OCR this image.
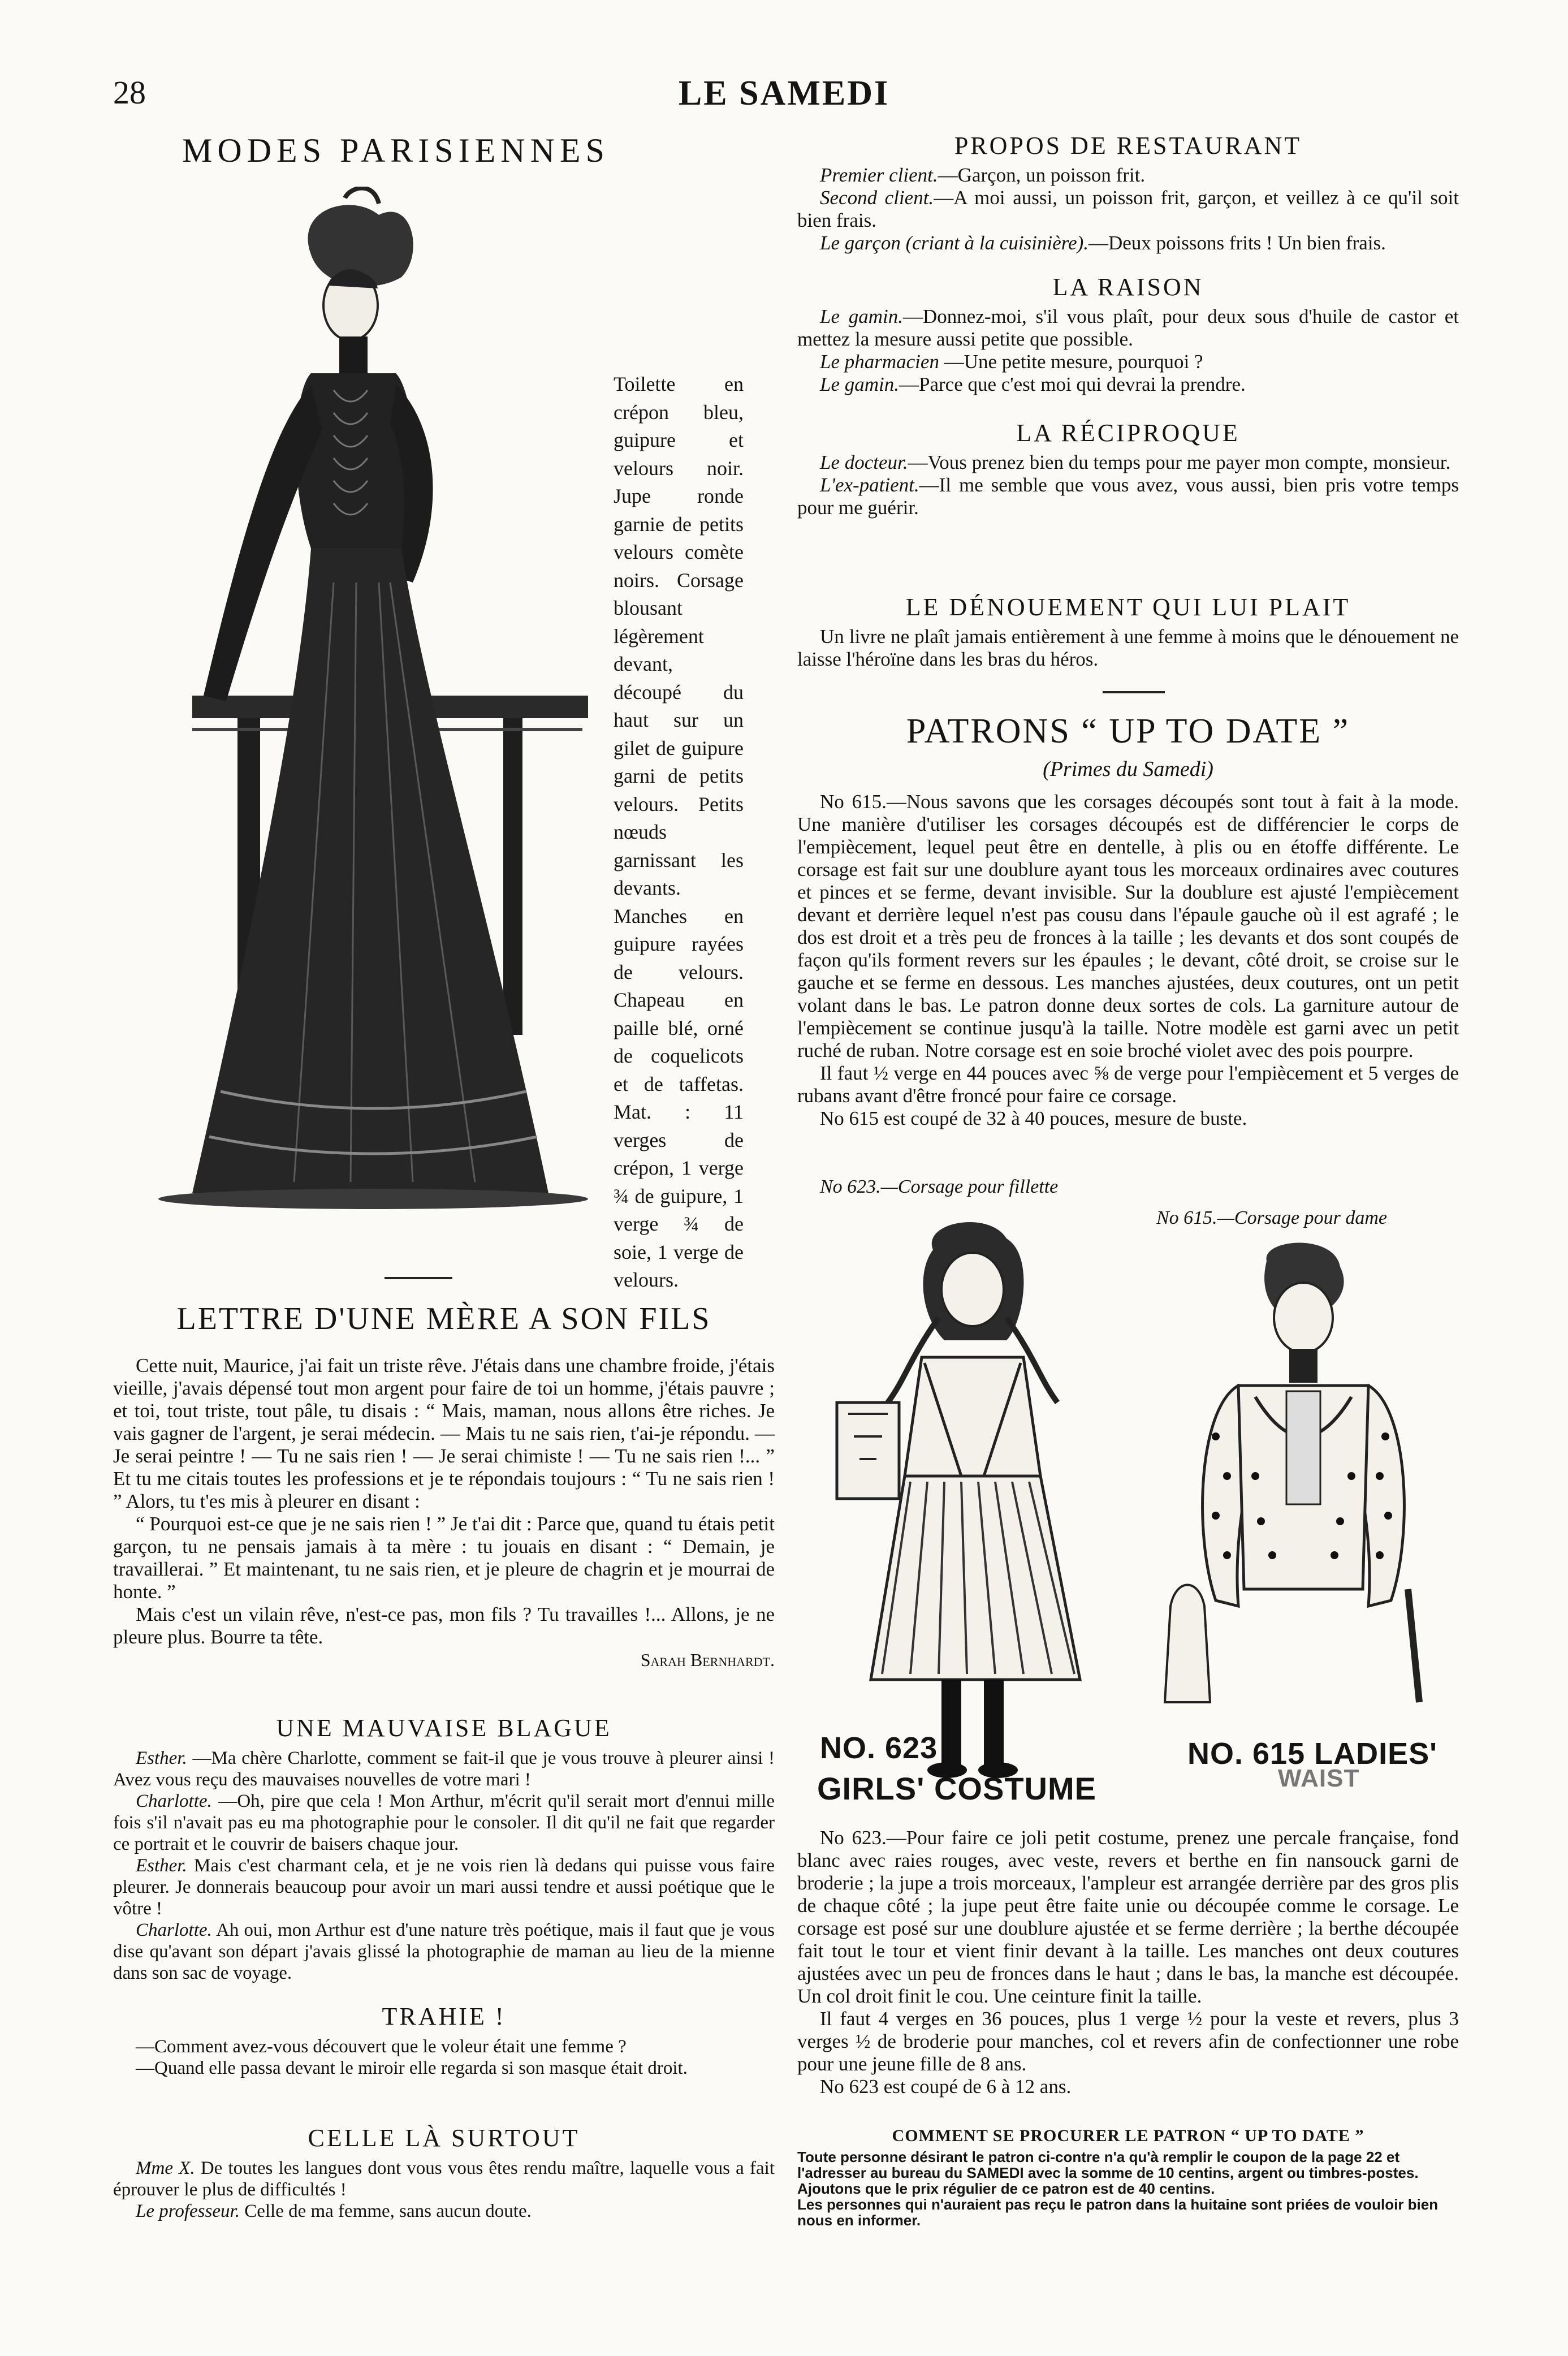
28	LE SAMEDI
MODES PARISIENNES
Toilette en crépon bleu, guipure et velours noir. Jupe ronde garnie de petits velours comète noirs. Corsage blousant légèrement devant, découpé du haut sur un gilet de guipure garni de petits velours. Petits nœuds garnissant les devants. Manches en guipure rayées de velours. Chapeau en paille blé, orné de coquelicots et de taffetas. Mat. : 11 verges de crépon, 1 verge ¾ de guipure, 1 verge ¾ de soie, 1 verge de velours.
LETTRE D'UNE MÈRE A SON FILS

Cette nuit, Maurice, j'ai fait un triste rêve. J'étais dans une chambre froide, j'étais vieille, j'avais dépensé tout mon argent pour faire de toi un homme, j'étais pauvre ; et toi, tout triste, tout pâle, tu disais : “ Mais, maman, nous allons être riches. Je vais gagner de l'argent, je serai médecin. — Mais tu ne sais rien, t'ai-je répondu. — Je serai peintre ! — Tu ne sais rien ! — Je serai chimiste ! — Tu ne sais rien !... ” Et tu me citais toutes les professions et je te répondais toujours : “ Tu ne sais rien ! ” Alors, tu t'es mis à pleurer en disant :

“ Pourquoi est-ce que je ne sais rien ! ” Je t'ai dit : Parce que, quand tu étais petit garçon, tu ne pensais jamais à ta mère : tu jouais en disant : “ Demain, je travaillerai. ” Et maintenant, tu ne sais rien, et je pleure de chagrin et je mourrai de honte. ”

Mais c'est un vilain rêve, n'est-ce pas, mon fils ? Tu travailles !... Allons, je ne pleure plus. Bourre ta tête.

Sarah Bernhardt.
UNE MAUVAISE BLAGUE

Esther. —Ma chère Charlotte, comment se fait-il que je vous trouve à pleurer ainsi ! Avez vous reçu des mauvaises nouvelles de votre mari !

Charlotte. —Oh, pire que cela ! Mon Arthur, m'écrit qu'il serait mort d'ennui mille fois s'il n'avait pas eu ma photographie pour le consoler. Il dit qu'il ne fait que regarder ce portrait et le couvrir de baisers chaque jour.

Esther. Mais c'est charmant cela, et je ne vois rien là dedans qui puisse vous faire pleurer. Je donnerais beaucoup pour avoir un mari aussi tendre et aussi poétique que le vôtre !

Charlotte. Ah oui, mon Arthur est d'une nature très poétique, mais il faut que je vous dise qu'avant son départ j'avais glissé la photographie de maman au lieu de la mienne dans son sac de voyage.

TRAHIE !

—Comment avez-vous découvert que le voleur était une femme ?

—Quand elle passa devant le miroir elle regarda si son masque était droit.

CELLE LÀ SURTOUT

Mme X. De toutes les langues dont vous vous êtes rendu maître, laquelle vous a fait éprouver le plus de difficultés !

Le professeur. Celle de ma femme, sans aucun doute.

PROPOS DE RESTAURANT

Premier client.—Garçon, un poisson frit.

Second client.—A moi aussi, un poisson frit, garçon, et veillez à ce qu'il soit bien frais.

Le garçon (criant à la cuisinière).—Deux poissons frits ! Un bien frais.

LA RAISON

Le gamin.—Donnez-moi, s'il vous plaît, pour deux sous d'huile de castor et mettez la mesure aussi petite que possible.

Le pharmacien —Une petite mesure, pourquoi ?

Le gamin.—Parce que c'est moi qui devrai la prendre.

LA RÉCIPROQUE

Le docteur.—Vous prenez bien du temps pour me payer mon compte, monsieur.

L'ex-patient.—Il me semble que vous avez, vous aussi, bien pris votre temps pour me guérir.

LE DÉNOUEMENT QUI LUI PLAIT

Un livre ne plaît jamais entièrement à une femme à moins que le dénouement ne laisse l'héroïne dans les bras du héros.

PATRONS “ UP TO DATE ”
(Primes du Samedi)

No 615.—Nous savons que les corsages découpés sont tout à fait à la mode. Une manière d'utiliser les corsages découpés est de différencier le corps de l'empiècement, lequel peut être en dentelle, à plis ou en étoffe différente. Le corsage est fait sur une doublure ayant tous les morceaux ordinaires avec coutures et pinces et se ferme, devant invisible. Sur la doublure est ajusté l'empiècement devant et derrière lequel n'est pas cousu dans l'épaule gauche où il est agrafé ; le dos est droit et a très peu de fronces à la taille ; les devants et dos sont coupés de façon qu'ils forment revers sur les épaules ; le devant, côté droit, se croise sur le gauche et se ferme en dessous. Les manches ajustées, deux coutures, ont un petit volant dans le bas. Le patron donne deux sortes de cols. La garniture autour de l'empiècement se continue jusqu'à la taille. Notre modèle est garni avec un petit ruché de ruban. Notre corsage est en soie broché violet avec des pois pourpre.

Il faut ½ verge en 44 pouces avec ⅝ de verge pour l'empiècement et 5 verges de rubans avant d'être froncé pour faire ce corsage.

No 615 est coupé de 32 à 40 pouces, mesure de buste.

No 623.—Corsage pour fillette
No 615.—Corsage pour dame
NO. 623
GIRLS' COSTUME
NO. 615 LADIES'
WAIST

No 623.—Pour faire ce joli petit costume, prenez une percale française, fond blanc avec raies rouges, avec veste, revers et berthe en fin nansouck garni de broderie ; la jupe a trois morceaux, l'ampleur est arrangée derrière par des gros plis de chaque côté ; la jupe peut être faite unie ou découpée comme le corsage. Le corsage est posé sur une doublure ajustée et se ferme derrière ; la berthe découpée fait tout le tour et vient finir devant à la taille. Les manches ont deux coutures ajustées avec un peu de fronces dans le haut ; dans le bas, la manche est découpée. Un col droit finit le cou. Une ceinture finit la taille.

Il faut 4 verges en 36 pouces, plus 1 verge ½ pour la veste et revers, plus 3 verges ½ de broderie pour manches, col et revers afin de confectionner une robe pour une jeune fille de 8 ans.

No 623 est coupé de 6 à 12 ans.

COMMENT SE PROCURER LE PATRON “ UP TO DATE ”

Toute personne désirant le patron ci-contre n'a qu'à remplir le coupon de la page 22 et l'adresser au bureau du SAMEDI avec la somme de 10 centins, argent ou timbres-postes.

Ajoutons que le prix régulier de ce patron est de 40 centins.

Les personnes qui n'auraient pas reçu le patron dans la huitaine sont priées de vouloir bien nous en informer.
